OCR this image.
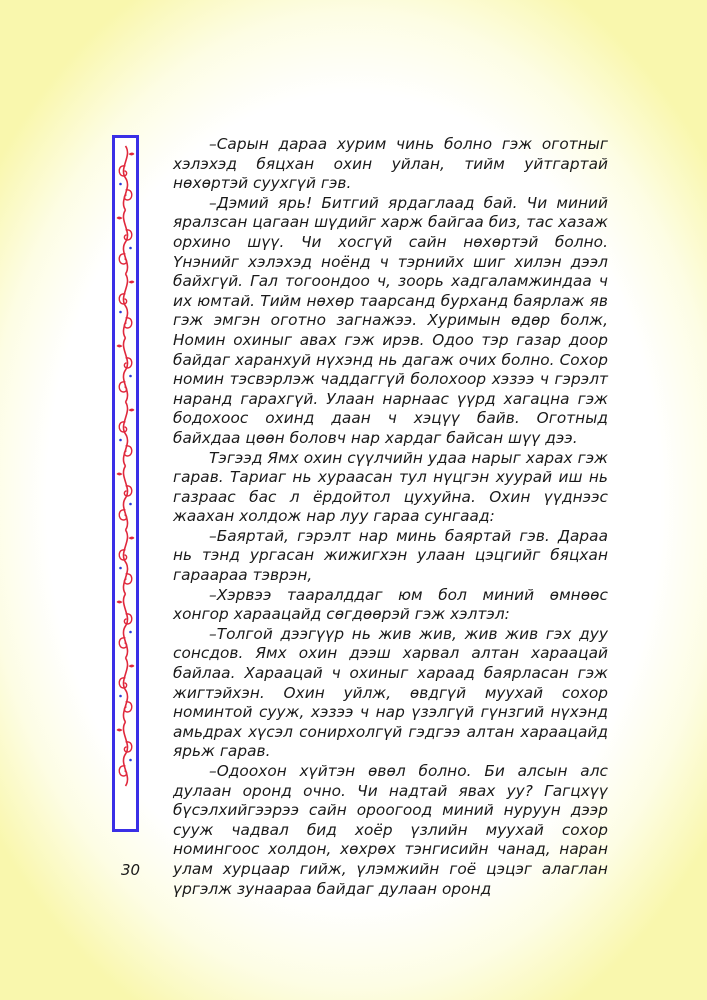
–Сарын дараа хурим чинь болно гэж оготныг хэлэхэд бяцхан охин уйлан, тийм уйтгартай нөхөртэй суухгүй гэв.

–Дэмий ярь! Битгий ярдаглаад бай. Чи миний яралзсан цагаан шүдийг харж байгаа биз, тас хазаж орхино шүү. Чи хосгүй сайн нөхөртэй болно. Үнэнийг хэлэхэд ноёнд ч тэрнийх шиг хилэн дээл байхгүй. Гал тогоондоо ч, зоорь хадгаламжиндаа ч их юмтай. Тийм нөхөр таарсанд бурханд баярлаж яв гэж эмгэн оготно загнажээ. Хуримын өдөр болж, Номин охиныг авах гэж ирэв. Одоо тэр газар доор байдаг харанхуй нүхэнд нь дагаж очих болно. Сохор номин тэсвэрлэж чаддаггүй болохоор хэзээ ч гэрэлт наранд гарахгүй. Улаан нарнаас үүрд хагацна гэж бодохоос охинд даан ч хэцүү байв. Оготныд байхдаа цөөн боловч нар хардаг байсан шүү дээ.

Тэгээд Ямх охин сүүлчийн удаа нарыг харах гэж гарав. Тариаг нь хураасан тул нүцгэн хуурай иш нь газраас бас л ёрдойтол цухуйна. Охин үүднээс жаахан холдож нар луу гараа сунгаад:

–Баяртай, гэрэлт нар минь баяртай гэв. Дараа нь тэнд ургасан жижигхэн улаан цэцгийг бяцхан гараараа тэврэн,

–Хэрвээ тааралддаг юм бол миний өмнөөс хонгор хараацайд сөгдөөрэй гэж хэлтэл:

–Толгой дээгүүр нь жив жив, жив жив гэх дуу сонсдов. Ямх охин дээш харвал алтан хараацай байлаа. Хараацай ч охиныг хараад баярласан гэж жигтэйхэн. Охин уйлж, өвдгүй муухай сохор номинтой сууж, хэзээ ч нар үзэлгүй гүнзгий нүхэнд амьдрах хүсэл сонирхолгүй гэдгээ алтан хараацайд ярьж гарав.

–Одоохон хүйтэн өвөл болно. Би алсын алс дулаан оронд очно. Чи надтай явах уу? Гагцхүү бүсэлхийгээрээ сайн ороогоод миний нуруун дээр сууж чадвал бид хоёр үзлийн муухай сохор номингоос холдон, хөхрөх тэнгисийн чанад, наран улам хурцаар гийж, үлэмжийн гоё цэцэг алаглан үргэлж зунаараа байдаг дулаан оронд

30
